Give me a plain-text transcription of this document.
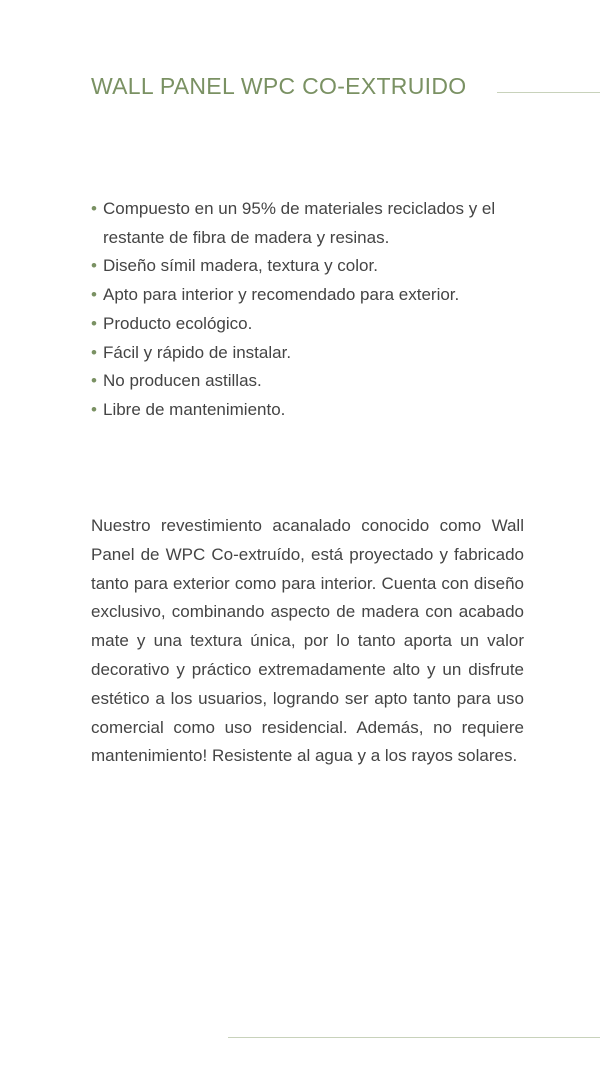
WALL PANEL WPC CO-EXTRUIDO
• Compuesto en un 95% de materiales reciclados y el restante de fibra de madera y resinas.
• Diseño símil madera, textura y color.
• Apto para interior y recomendado para exterior.
• Producto ecológico.
• Fácil y rápido de instalar.
• No producen astillas.
• Libre de mantenimiento.

Nuestro revestimiento acanalado conocido como Wall Panel de WPC Co-extruído, está proyectado y fabricado tanto para exterior como para interior. Cuenta con diseño exclusivo, combinando aspecto de madera con acabado mate y una textura única, por lo tanto aporta un valor decorativo y práctico extremadamente alto y un disfrute estético a los usuarios, logrando ser apto tanto para uso comercial como uso residencial. Además, no requiere mantenimiento! Resistente al agua y a los rayos solares.
